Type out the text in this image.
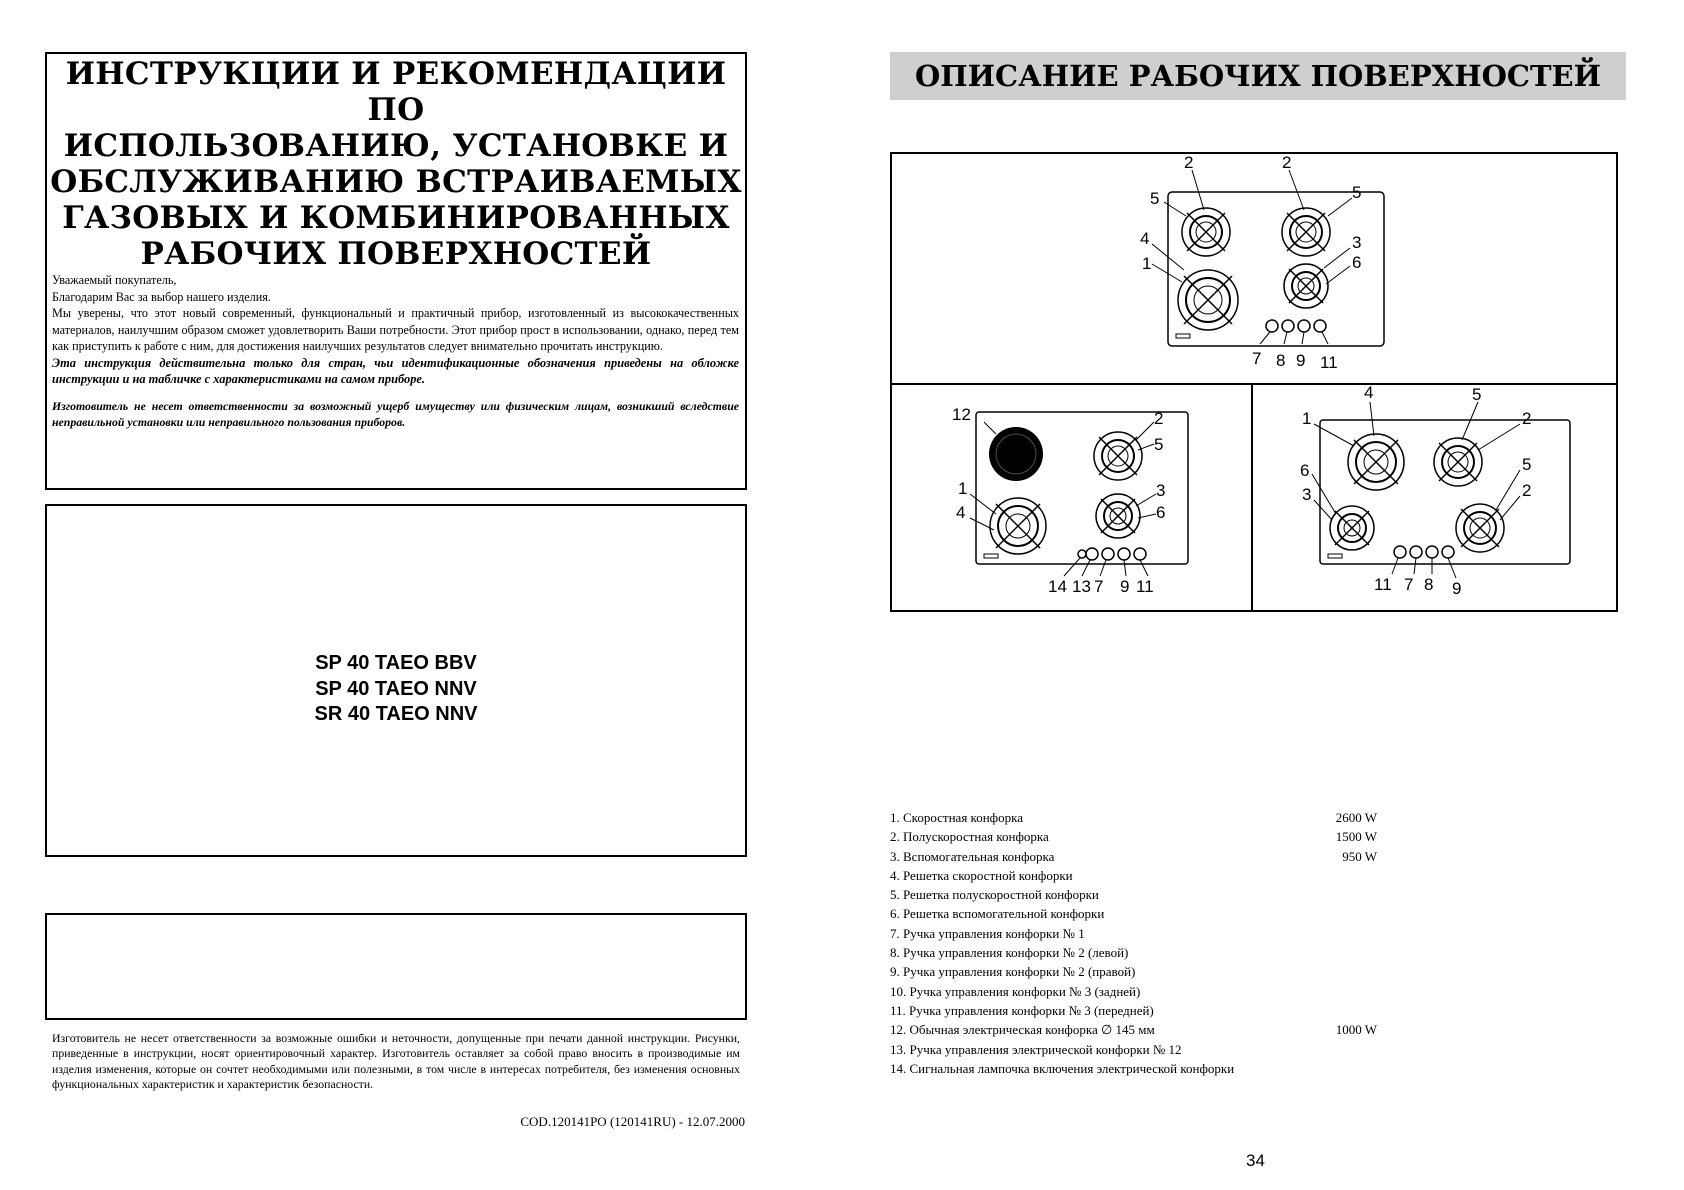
ИНСТРУКЦИИ И РЕКОМЕНДАЦИИ ПО
ИСПОЛЬЗОВАНИЮ, УСТАНОВКЕ И
ОБСЛУЖИВАНИЮ ВСТРАИВАЕМЫХ
ГАЗОВЫХ И КОМБИНИРОВАННЫХ
РАБОЧИХ ПОВЕРХНОСТЕЙ

Уважаемый покупатель,

Благодарим Вас за выбор нашего изделия.

Мы уверены, что этот новый современный, функциональный и практичный прибор, изготовленный из высококачественных материалов, наилучшим образом сможет удовлетворить Ваши потребности. Этот прибор прост в использовании, однако, перед тем как приступить к работе с ним, для достижения наилучших результатов следует внимательно прочитать инструкцию.

Эта инструкция действительна только для стран, чьи идентификационные обозначения приведены на обложке инструкции и на табличке с характеристиками на самом приборе.

Изготовитель не несет ответственности за возможный ущерб имуществу или физическим лицам, возникший вследствие неправильной установки или неправильного пользования приборов.

SP 40 TAEO BBV
SP 40 TAEO NNV
SR 40 TAEO NNV
Изготовитель не несет ответственности за возможные ошибки и неточности, допущенные при печати данной инструкции. Рисунки, приведенные в инструкции, носят ориентировочный характер. Изготовитель оставляет за собой право вносить в производимые им изделия изменения, которые он сочтет необходимыми или полезными, в том числе в интересах потребителя, без изменения основных функциональных характеристик и характеристик безопасности.
COD.120141PO (120141RU) - 12.07.2000
ОПИСАНИЕ РАБОЧИХ ПОВЕРХНОСТЕЙ
2	2
5	5
4
1
3
6
7 8 9 11
12	2
5
1
4
3
6
14 13 7 9 11
4	5
1	2
6	5
3	2
11 7 8 9
1. Скоростная конфорка	2600 W
2. Полускоростная конфорка	1500 W
3. Вспомогательная конфорка	950 W
4. Решетка скоростной конфорки
5. Решетка полускоростной конфорки
6. Решетка вспомогательной конфорки
7. Ручка управления конфорки № 1
8. Ручка управления конфорки № 2 (левой)
9. Ручка управления конфорки № 2 (правой)
10. Ручка управления конфорки № 3 (задней)
11. Ручка управления конфорки № 3 (передней)
12. Обычная электрическая конфорка ∅ 145 мм	1000 W
13. Ручка управления электрической конфорки № 12
14. Сигнальная лампочка включения электрической конфорки
34
